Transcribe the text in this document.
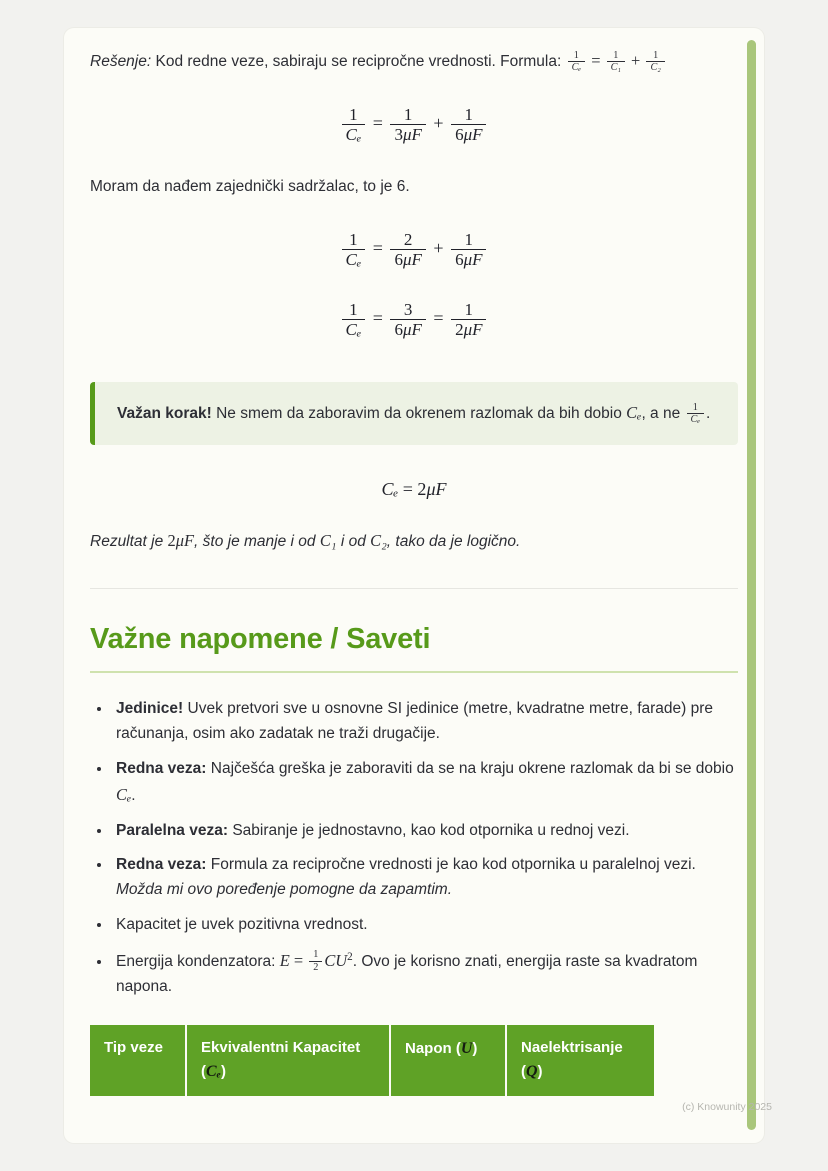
Rešenje: Kod redne veze, sabiraju se recipročne vrednosti. Formula: $\frac{1}{\text{Cₑ}} = \frac{1}{\text{C₁}} + \frac{1}{\text{C₂}}$

$\frac{1}{\text{Cₑ}} = \frac{1}{3\mu F} + \frac{1}{6\mu F}$

Moram da nađem zajednički sadržalac, to je 6.

$\frac{1}{\text{Cₑ}} = \frac{2}{6\mu F} + \frac{1}{6\mu F}$
$\frac{1}{\text{Cₑ}} = \frac{3}{6\mu F} = \frac{1}{2\mu F}$
Važan korak! Ne smem da zaboravim da okrenem razlomak da bih dobio Cₑ, a ne $\frac{1}{\text{Cₑ}}$ .
Cₑ = 2μF

Rezultat je 2μF, što je manje i od C₁ i od C₂, tako da je logično.

Važne napomene / Saveti
• Jedinice! Uvek pretvori sve u osnovne SI jedinice (metre, kvadratne metre, farade) pre računanja, osim ako zadatak ne traži drugačije.
• Redna veza: Najčešća greška je zaboraviti da se na kraju okrene razlomak da bi se dobio Cₑ.
• Paralelna veza: Sabiranje je jednostavno, kao kod otpornika u rednoj vezi.
• Redna veza: Formula za recipročne vrednosti je kao kod otpornika u paralelnoj vezi. Možda mi ovo poređenje pomogne da zapamtim.
• Kapacitet je uvek pozitivna vrednost.
• Energija kondenzatora: $E = \frac{1}{2} CU^2$. Ovo je korisno znati, energija raste sa kvadratom napona.
Tip veze	Ekvivalentni Kapacitet (Cₑ)	Napon (U)	Naelektrisanje (Q)
(c) Knowunity 2025
